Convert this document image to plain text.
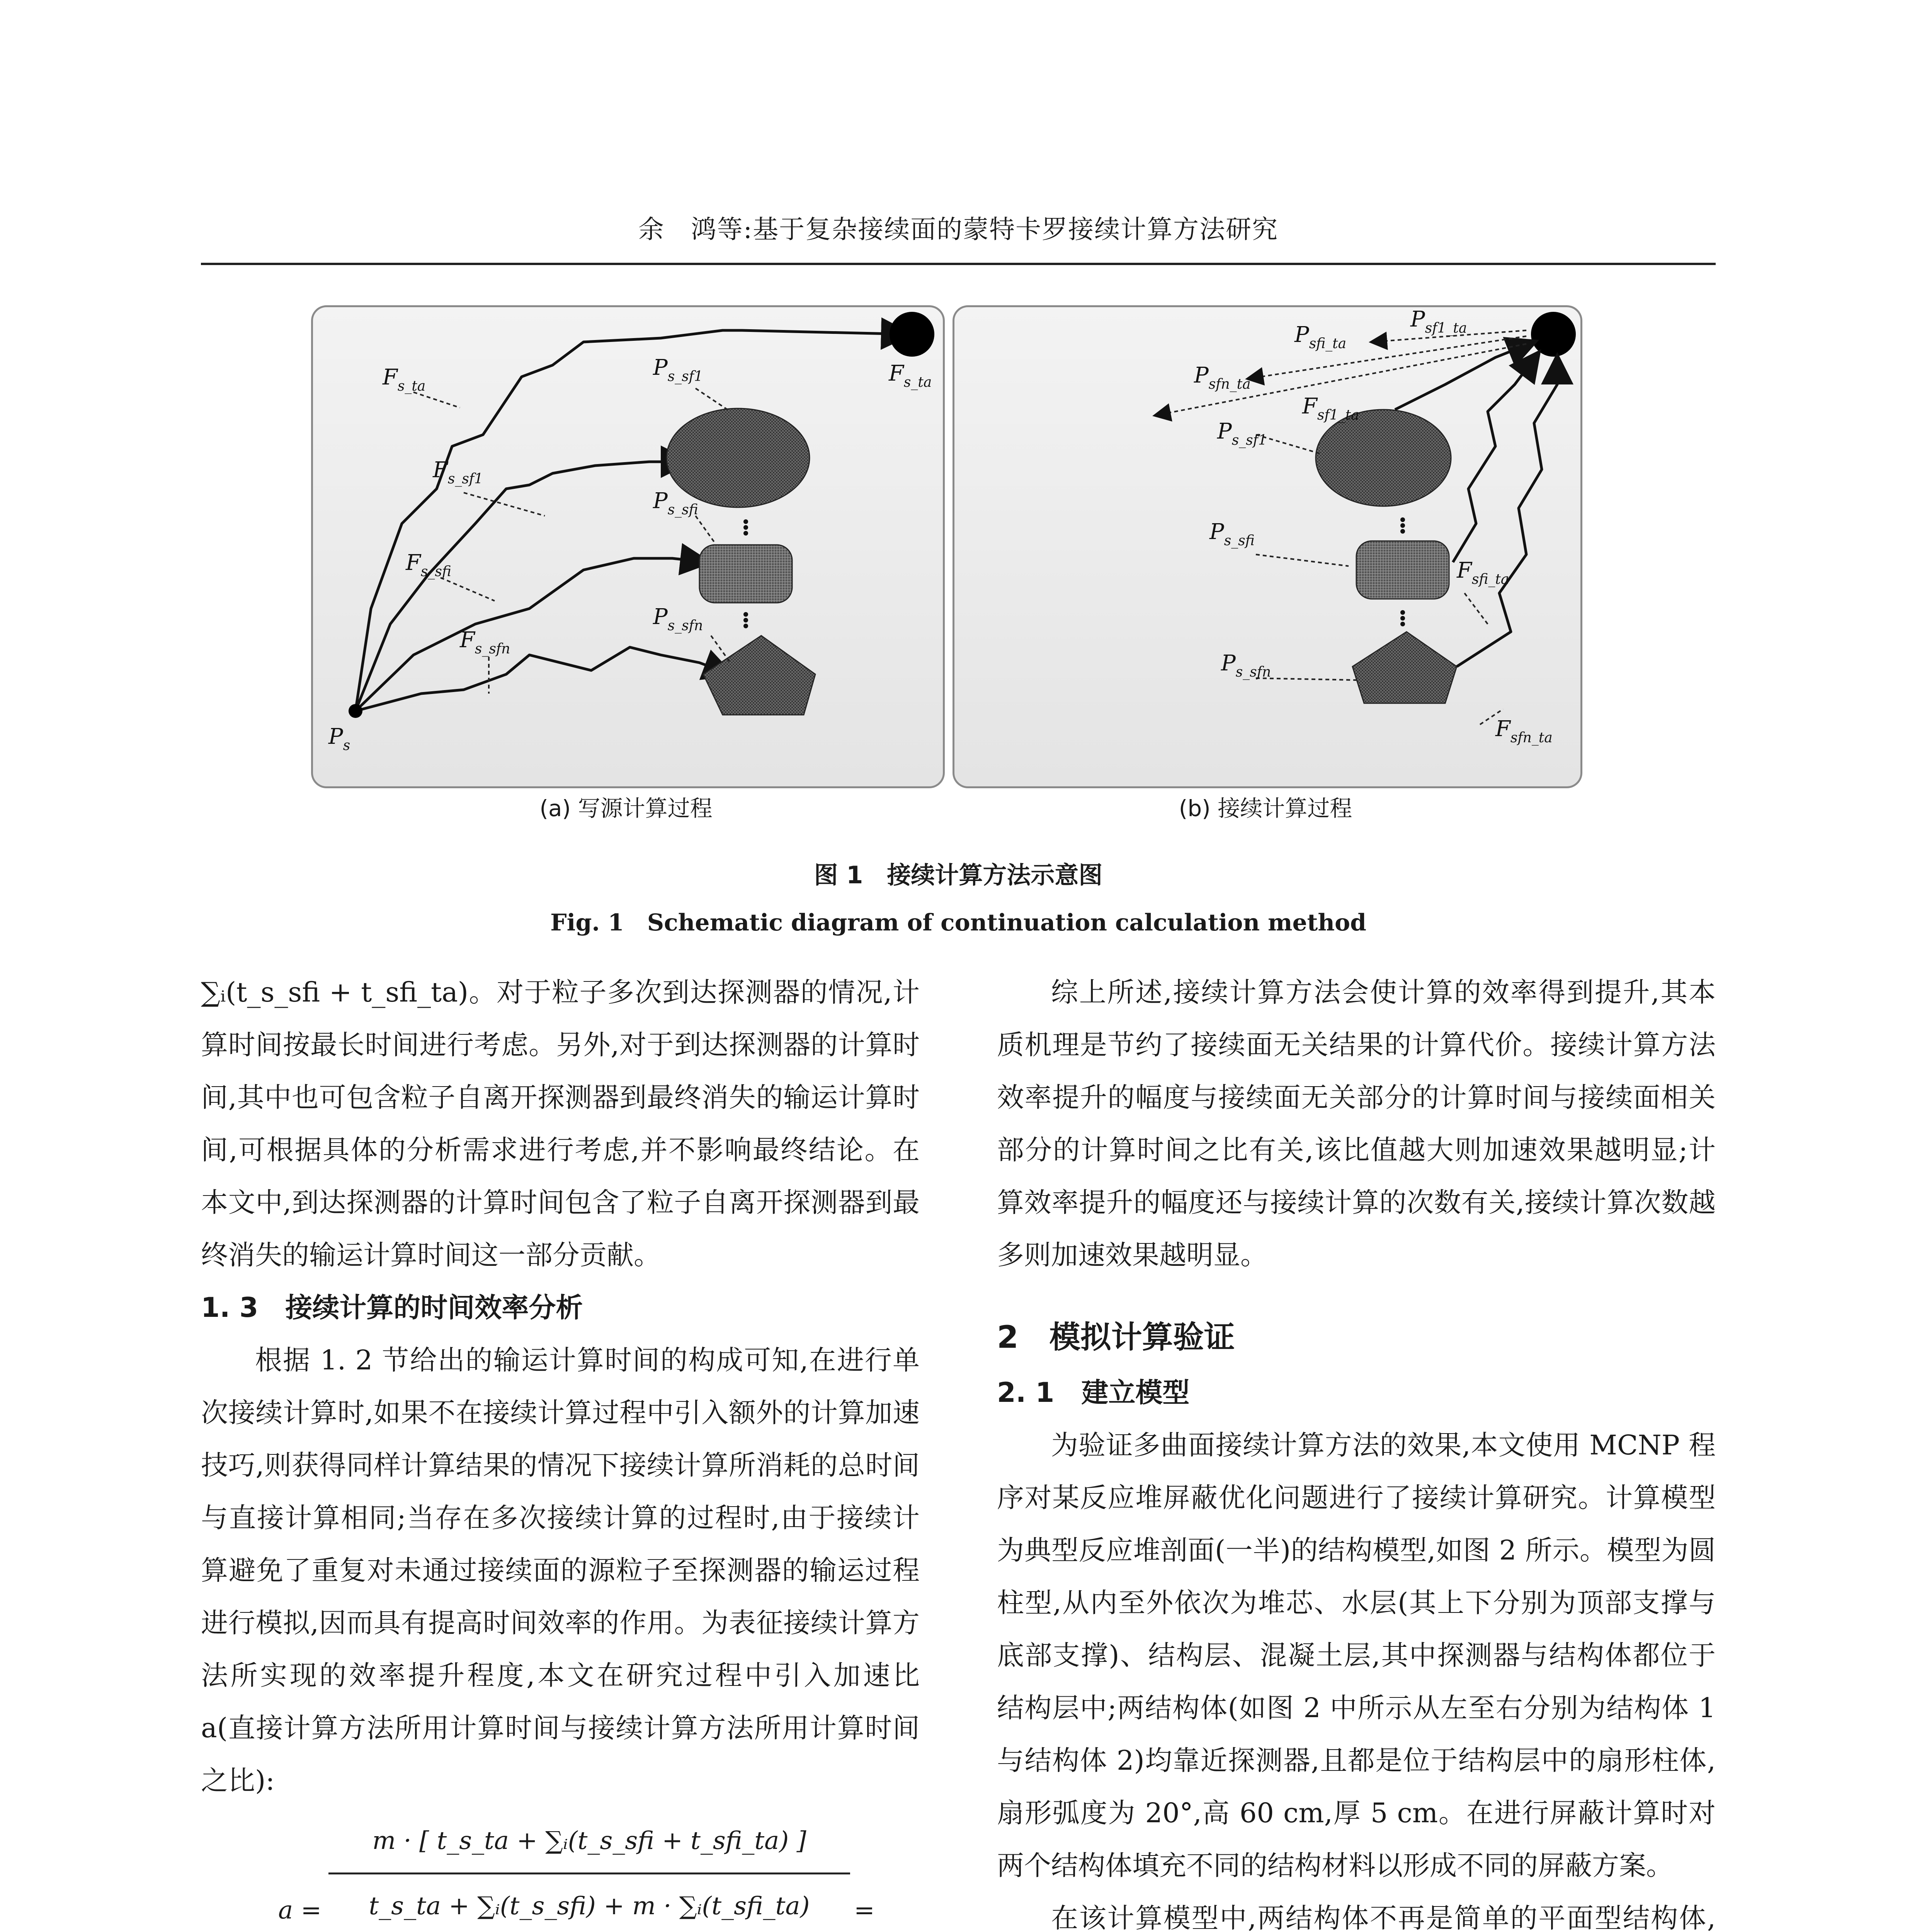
余　鸿等:基于复杂接续面的蒙特卡罗接续计算方法研究
$F_{s\_ta}$
$F_{s\_ta}$
$P_{s\_sf1}$
$F_{s\_sf1}$
$P_{s\_sfi}$
$F_{s\_sfi}$
$P_{s\_sfn}$
$F_{s\_sfn}$
$P_s$
$P_{sfi\_ta}$
$P_{sf1\_ta}$
$P_{sfn\_ta}$
$F_{sf1\_ta}$
$P_{s\_sf1}$
$P_{s\_sfi}$
$F_{sfi\_ta}$
$P_{s\_sfn}$
$F_{sfn\_ta}$
(a) 写源计算过程	(b) 接续计算过程
图 1　接续计算方法示意图
Fig. 1　Schematic diagram of continuation calculation method

∑ᵢ(t_s_sfi + t_sfi_ta)。对于粒子多次到达探测器的情况,计算时间按最长时间进行考虑。另外,对于到达探测器的计算时间,其中也可包含粒子自离开探测器到最终消失的输运计算时间,可根据具体的分析需求进行考虑,并不影响最终结论。在本文中,到达探测器的计算时间包含了粒子自离开探测器到最终消失的输运计算时间这一部分贡献。

1. 3　接续计算的时间效率分析

根据 1. 2 节给出的输运计算时间的构成可知,在进行单次接续计算时,如果不在接续计算过程中引入额外的计算加速技巧,则获得同样计算结果的情况下接续计算所消耗的总时间与直接计算相同;当存在多次接续计算的过程时,由于接续计算避免了重复对未通过接续面的源粒子至探测器的输运过程进行模拟,因而具有提高时间效率的作用。为表征接续计算方法所实现的效率提升程度,本文在研究过程中引入加速比 a(直接计算方法所用计算时间与接续计算方法所用计算时间之比):

a =
m · [ t_s_ta + ∑ᵢ(t_s_sfi + t_sfi_ta) ]
t_s_ta + ∑ᵢ(t_s_sfi) + m · ∑ᵢ(t_sfi_ta)	=

综上所述,接续计算方法会使计算的效率得到提升,其本质机理是节约了接续面无关结果的计算代价。接续计算方法效率提升的幅度与接续面无关部分的计算时间与接续面相关部分的计算时间之比有关,该比值越大则加速效果越明显;计算效率提升的幅度还与接续计算的次数有关,接续计算次数越多则加速效果越明显。

2　模拟计算验证

2. 1　建立模型

为验证多曲面接续计算方法的效果,本文使用 MCNP 程序对某反应堆屏蔽优化问题进行了接续计算研究。计算模型为典型反应堆剖面(一半)的结构模型,如图 2 所示。模型为圆柱型,从内至外依次为堆芯、水层(其上下分别为顶部支撑与底部支撑)、结构层、混凝土层,其中探测器与结构体都位于结构层中;两结构体(如图 2 中所示从左至右分别为结构体 1 与结构体 2)均靠近探测器,且都是位于结构层中的扇形柱体,扇形弧度为 20°,高 60 cm,厚 5 cm。在进行屏蔽计算时对两个结构体填充不同的结构材料以形成不同的屏蔽方案。

在该计算模型中,两结构体不再是简单的平面型结构体,
